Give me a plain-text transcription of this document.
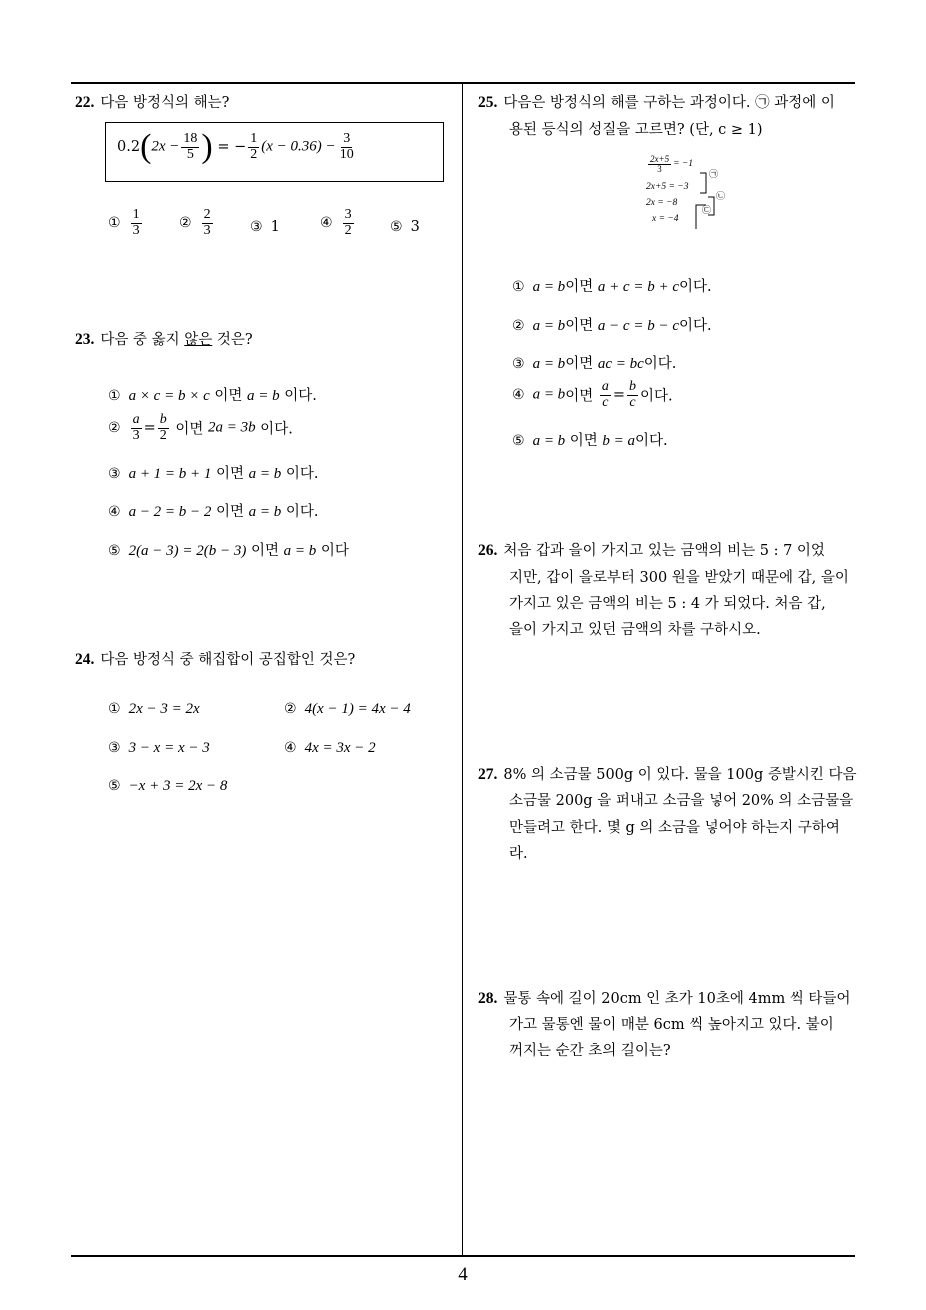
22. 다음 방정식의 해는?
$0.2(2x - \frac{18}{5}$ ) = − $\frac{1}{2} (x - 0.36) - \frac{3}{10}$
① $\frac{1}{3}$	② $\frac{2}{3}$	③ 1	④ $\frac{3}{2}$	⑤ 3
23. 다음 중 옳지 않은 것은?
① a × c = b × c 이면 a = b 이다.
② $\frac{a}{3} = \frac{b}{2}$ 이면 2a = 3b 이다.
③ a + 1 = b + 1 이면 a = b 이다.
④ a − 2 = b − 2 이면 a = b 이다.
⑤ 2(a − 3) = 2(b − 3) 이면 a = b 이다
24. 다음 방정식 중 해집합이 공집합인 것은?
① 2x − 3 = 2x	② 4(x − 1) = 4x − 4
③ 3 − x = x − 3	④ 4x = 3x − 2
⑤ −x + 3 = 2x − 8
25. 다음은 방정식의 해를 구하는 과정이다. ㉠ 과정에 이
용된 등식의 성질을 고르면? (단, c ≥ 1)
$\frac{2x+5}{3} = -1$
2x+5 = −3
2x = −8
x = −4
㉠
㉡
㉢
① a = b이면 a + c = b + c이다.
② a = b이면 a − c = b − c이다.
③ a = b이면 ac = bc이다.
④ a = b이면 $\frac{a}{c} = \frac{b}{c}$ 이다.
⑤ a = b 이면 b = a이다.
26. 처음 갑과 을이 가지고 있는 금액의 비는 5 : 7 이었
지만, 갑이 을로부터 300 원을 받았기 때문에 갑, 을이
가지고 있은 금액의 비는 5 : 4 가 되었다. 처음 갑,
을이 가지고 있던 금액의 차를 구하시오.
27. 8% 의 소금물 500g 이 있다. 물을 100g 증발시킨 다음
소금물 200g 을 퍼내고 소금을 넣어 20% 의 소금물을
만들려고 한다. 몇 g 의 소금을 넣어야 하는지 구하여
라.
28. 물통 속에 길이 20cm 인 초가 10초에 4mm 씩 타들어
가고 물통엔 물이 매분 6cm 씩 높아지고 있다. 불이
꺼지는 순간 초의 길이는?
4
